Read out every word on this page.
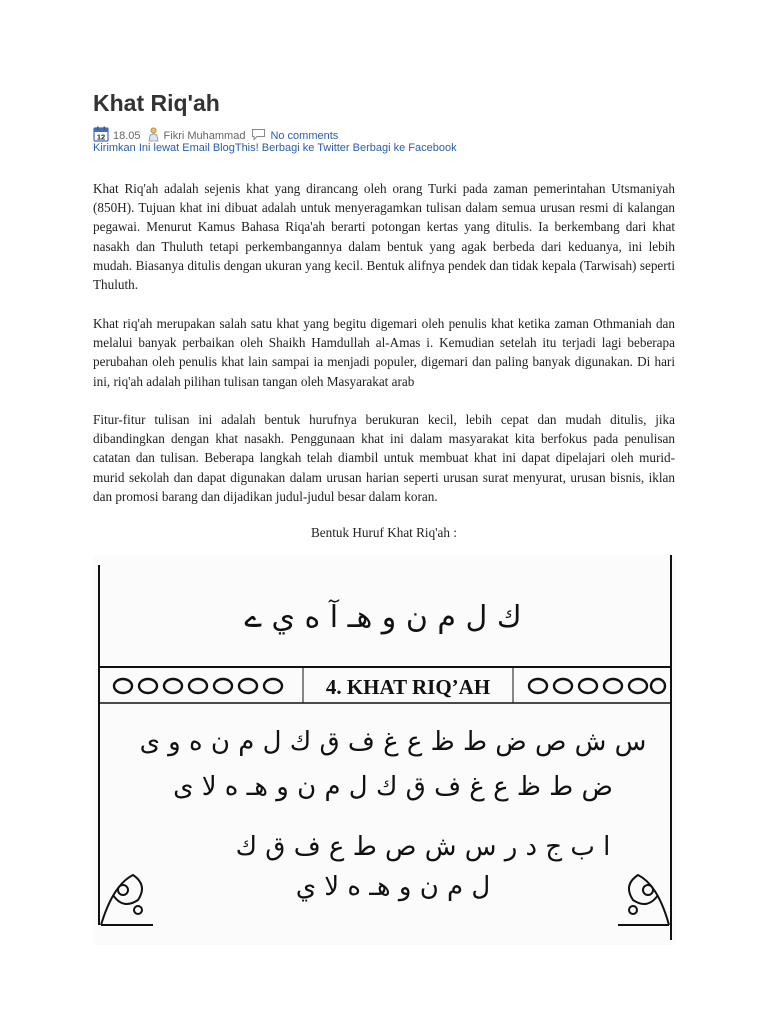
Khat Riq'ah
12 18.05 Fikri Muhammad No comments
Kirimkan Ini lewat Email BlogThis! Berbagi ke Twitter Berbagi ke Facebook

Khat Riq'ah adalah sejenis khat yang dirancang oleh orang Turki pada zaman pemerintahan Utsmaniyah (850H). Tujuan khat ini dibuat adalah untuk menyeragamkan tulisan dalam semua urusan resmi di kalangan pegawai. Menurut Kamus Bahasa Riqa'ah berarti potongan kertas yang ditulis. Ia berkembang dari khat nasakh dan Thuluth tetapi perkembangannya dalam bentuk yang agak berbeda dari keduanya, ini lebih mudah. Biasanya ditulis dengan ukuran yang kecil. Bentuk alifnya pendek dan tidak kepala (Tarwisah) seperti Thuluth.

Khat riq'ah merupakan salah satu khat yang begitu digemari oleh penulis khat ketika zaman Othmaniah dan melalui banyak perbaikan oleh Shaikh Hamdullah al-Amas i. Kemudian setelah itu terjadi lagi beberapa perubahan oleh penulis khat lain sampai ia menjadi populer, digemari dan paling banyak digunakan. Di hari ini, riq'ah adalah pilihan tulisan tangan oleh Masyarakat arab

Fitur-fitur tulisan ini adalah bentuk hurufnya berukuran kecil, lebih cepat dan mudah ditulis, jika dibandingkan dengan khat nasakh. Penggunaan khat ini dalam masyarakat kita berfokus pada penulisan catatan dan tulisan. Beberapa langkah telah diambil untuk membuat khat ini dapat dipelajari oleh murid-murid sekolah dan dapat digunakan dalam urusan harian seperti urusan surat menyurat, urusan bisnis, iklan dan promosi barang dan dijadikan judul-judul besar dalam koran.

Bentuk Huruf Khat Riq'ah :
ك ل م ن و هـ آ ه ي ے
4. KHAT RIQ’AH
س ش ص ض ط ظ ع غ ف ق ك ل م ن ه و ى
ض ط ظ ع غ ف ق ك ل م ن و هـ ه لا ى
ا ب ج د ر س ش ص ط ع ف ق ك
ل م ن و هـ ه لا ي
